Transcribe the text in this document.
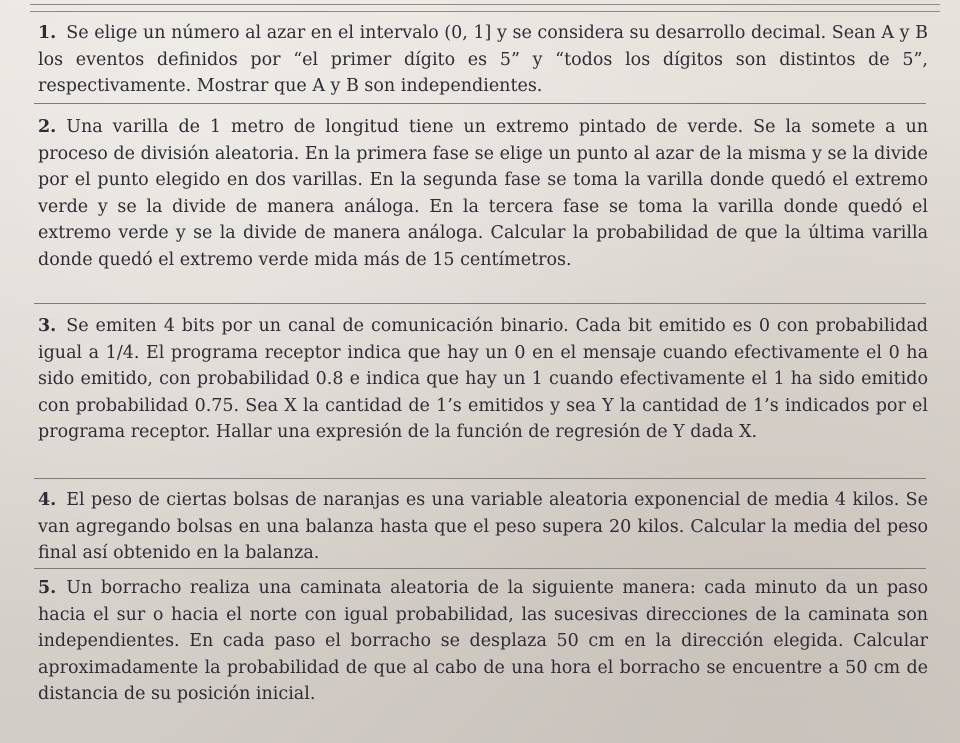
1. Se elige un número al azar en el intervalo (0, 1] y se considera su desarrollo decimal. Sean A y B los eventos definidos por “el primer dígito es 5” y “todos los dígitos son distintos de 5”, respectivamente. Mostrar que A y B son independientes.
2. Una varilla de 1 metro de longitud tiene un extremo pintado de verde. Se la somete a un proceso de división aleatoria. En la primera fase se elige un punto al azar de la misma y se la divide por el punto elegido en dos varillas. En la segunda fase se toma la varilla donde quedó el extremo verde y se la divide de manera análoga. En la tercera fase se toma la varilla donde quedó el extremo verde y se la divide de manera análoga. Calcular la probabilidad de que la última varilla donde quedó el extremo verde mida más de 15 centímetros.
3. Se emiten 4 bits por un canal de comunicación binario. Cada bit emitido es 0 con probabilidad igual a 1/4. El programa receptor indica que hay un 0 en el mensaje cuando efectivamente el 0 ha sido emitido, con probabilidad 0.8 e indica que hay un 1 cuando efectivamente el 1 ha sido emitido con probabilidad 0.75. Sea X la cantidad de 1’s emitidos y sea Y la cantidad de 1’s indicados por el programa receptor. Hallar una expresión de la función de regresión de Y dada X.
4. El peso de ciertas bolsas de naranjas es una variable aleatoria exponencial de media 4 kilos. Se van agregando bolsas en una balanza hasta que el peso supera 20 kilos. Calcular la media del peso final así obtenido en la balanza.
5. Un borracho realiza una caminata aleatoria de la siguiente manera: cada minuto da un paso hacia el sur o hacia el norte con igual probabilidad, las sucesivas direcciones de la caminata son independientes. En cada paso el borracho se desplaza 50 cm en la dirección elegida. Calcular aproximadamente la probabilidad de que al cabo de una hora el borracho se encuentre a 50 cm de distancia de su posición inicial.
